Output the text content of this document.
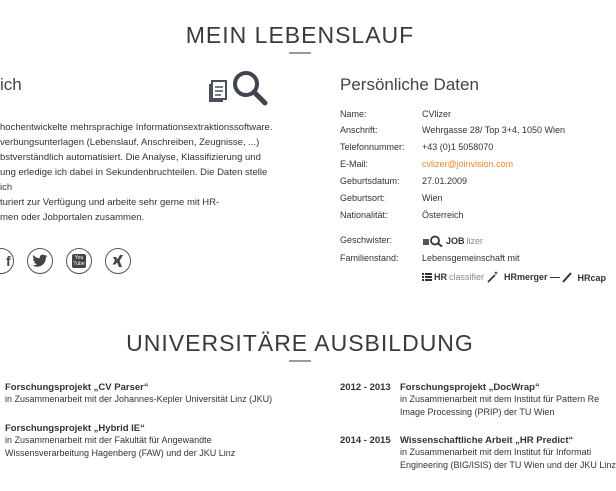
MEIN LEBENSLAUF
ich
hochentwickelte mehrsprachige Informationsextraktionssoftware.
verbungsunterlagen (Lebenslauf, Anschreiben, Zeugnisse, ...)
bstverständlich automatisiert. Die Analyse, Klassifizierung und
ung erledige ich dabei in Sekundenbruchteilen. Die Daten stelle ich
turiert zur Verfügung und arbeite sehr gerne mit HR-
men oder Jobportalen zusammen.
f	You Tube
Persönliche Daten
Name:	CVlizer
Anschrift:	Wehrgasse 28/ Top 3+4, 1050 Wien
Telefonnummer: +43 (0)1 5058070
E-Mail:	cvlizer@joinvision.com
Geburtsdatum: 27.01.2009
Geburtsort:	Wien
Nationalität:	Österreich
Geschwister:	JOB lizer
Familienstand:	Lebensgemeinschaft mit
HR classifier HRmerger	HRcap
UNIVERSITÄRE AUSBILDUNG
Forschungsprojekt „CV Parser“
in Zusammenarbeit mit der Johannes-Kepler Universität Linz (JKU)
2012 - 2013 Forschungsprojekt „DocWrap“
in Zusammenarbeit mit dem Institut für Pattern Re
Image Processing (PRIP) der TU Wien
Forschungsprojekt „Hybrid IE“
in Zusammenarbeit mit der Fakultät für Angewandte
Wissensverarbeitung Hagenberg (FAW) und der JKU Linz
2014 - 2015 Wissenschaftliche Arbeit „HR Predict“
in Zusammenarbeit mit dem Institut für Informati
Engineering (BIG/ISIS) der TU Wien und der JKU Linz
